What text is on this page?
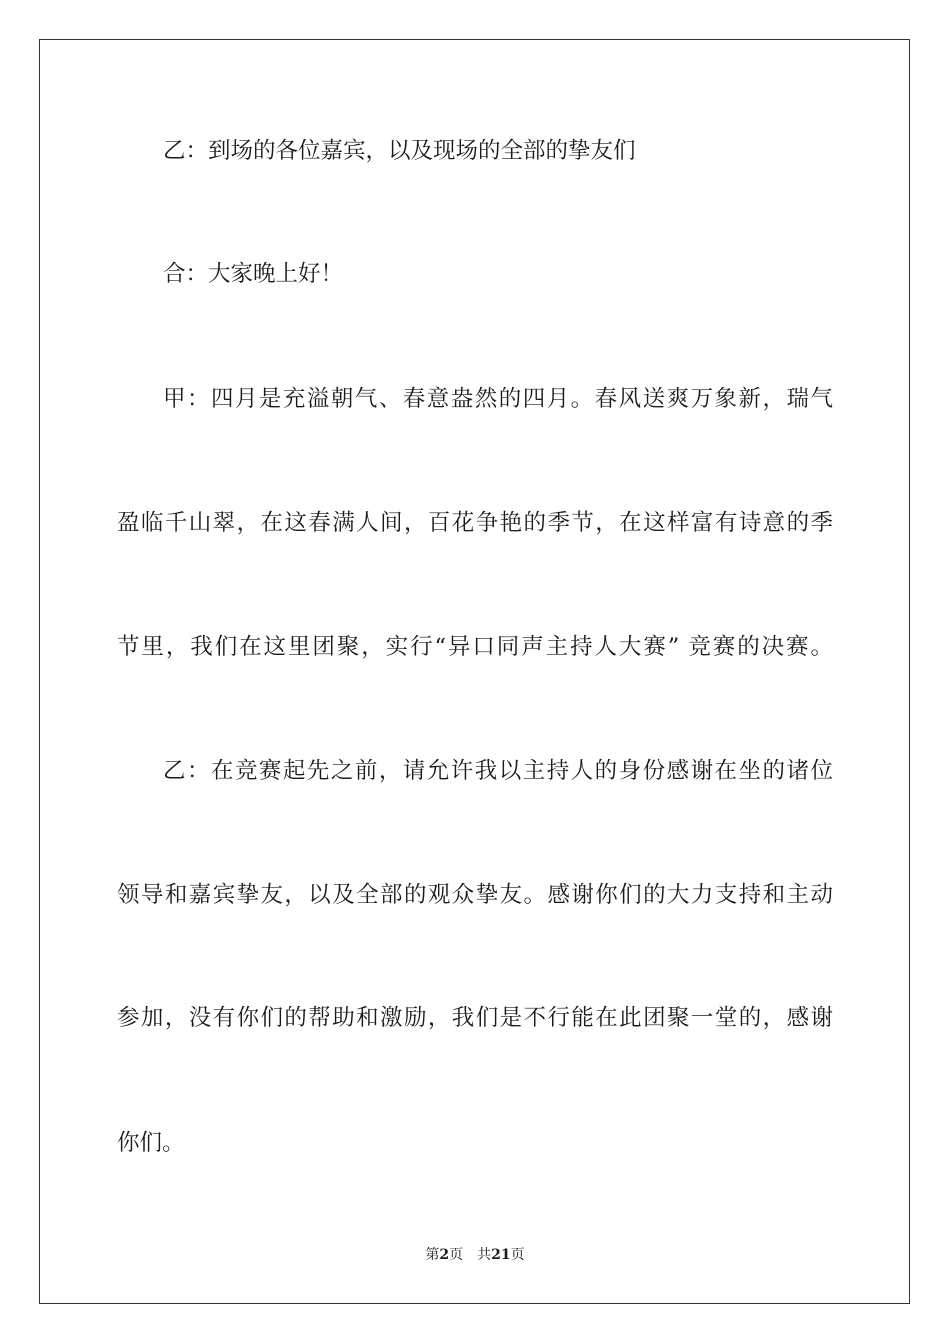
乙：到场的各位嘉宾，以及现场的全部的挚友们
合：大家晚上好！
甲：四月是充溢朝气、春意盎然的四月。春风送爽万象新，瑞气
盈临千山翠，在这春满人间，百花争艳的季节，在这样富有诗意的季
节里，我们在这里团聚，实行“异口同声主持人大赛” 竞赛的决赛。
乙：在竞赛起先之前，请允许我以主持人的身份感谢在坐的诸位
领导和嘉宾挚友，以及全部的观众挚友。感谢你们的大力支持和主动
参加，没有你们的帮助和激励，我们是不行能在此团聚一堂的，感谢
你们。
第2页 共21页
